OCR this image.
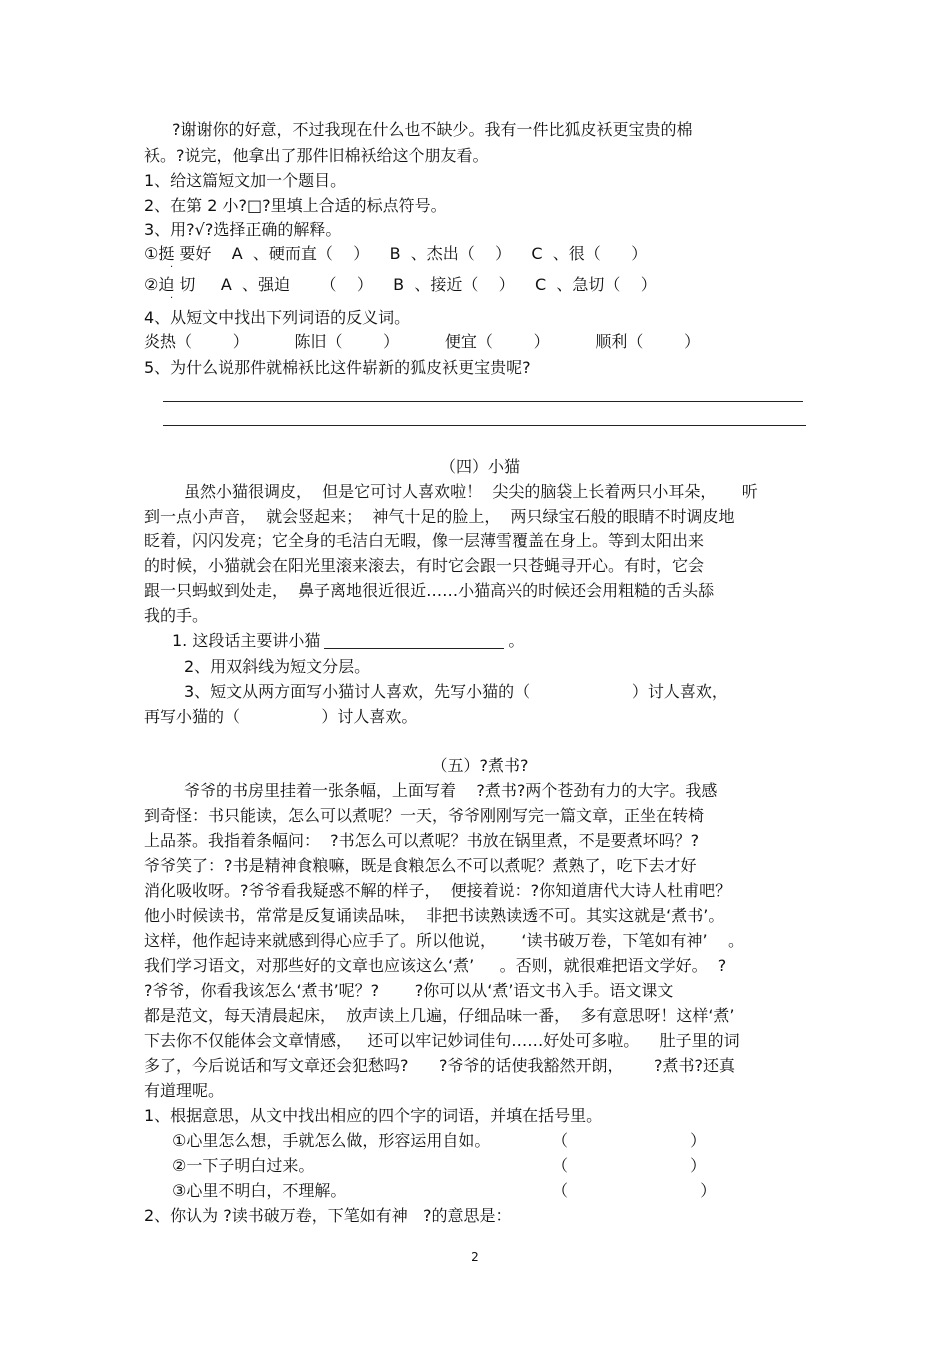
?谢谢你的好意，不过我现在什么也不缺少。我有一件比狐皮袄更宝贵的棉
袄。?说完，他拿出了那件旧棉袄给这个朋友看。
1、给这篇短文加一个题目。
2、在第 2 小?□?里填上合适的标点符号。
3、用?√?选择正确的解释。
①挺 要好    A  、硬而直（    ）    B  、杰出（    ）    C  、很（      ）
·
②迫 切     A  、强迫      （    ）    B  、接近（    ）    C  、急切（    ）
·
4、从短文中找出下列词语的反义词。
炎热（        ）         陈旧（        ）         便宜（        ）         顺利（        ）
5、为什么说那件就棉袄比这件崭新的狐皮袄更宝贵呢?
（四）小猫
虽然小猫很调皮，  但是它可讨人喜欢啦！  尖尖的脑袋上长着两只小耳朵，     听
到一点小声音，  就会竖起来；  神气十足的脸上，  两只绿宝石般的眼睛不时调皮地
眨着，闪闪发亮；它全身的毛洁白无暇，像一层薄雪覆盖在身上。等到太阳出来
的时候，小猫就会在阳光里滚来滚去，有时它会跟一只苍蝇寻开心。有时，它会
跟一只蚂蚁到处走，  鼻子离地很近很近……小猫高兴的时候还会用粗糙的舌头舔
我的手。
1. 这段话主要讲小猫	。
2、用双斜线为短文分层。
3、短文从两方面写小猫讨人喜欢，先写小猫的（                    ）讨人喜欢，
再写小猫的（                ）讨人喜欢。
（五）?煮书?
爷爷的书房里挂着一张条幅，上面写着    ?煮书?两个苍劲有力的大字。我感
到奇怪：书只能读，怎么可以煮呢？一天，爷爷刚刚写完一篇文章，正坐在转椅
上品茶。我指着条幅问：  ?书怎么可以煮呢？书放在锅里煮，不是要煮坏吗？?
爷爷笑了：?书是精神食粮嘛，既是食粮怎么不可以煮呢？煮熟了，吃下去才好
消化吸收呀。?爷爷看我疑惑不解的样子，  便接着说：?你知道唐代大诗人杜甫吧？
他小时候读书，常常是反复诵读品味，  非把书读熟读透不可。其实这就是‘煮书’。
这样，他作起诗来就感到得心应手了。所以他说，     ‘读书破万卷，下笔如有神’    。
我们学习语文，对那些好的文章也应该这么‘煮’     。否则，就很难把语文学好。  ?
?爷爷，你看我该怎么‘煮书’呢？?       ?你可以从‘煮’语文书入手。语文课文
都是范文，每天清晨起床，  放声读上几遍，仔细品味一番，  多有意思呀！这样‘煮’
下去你不仅能体会文章情感，   还可以牢记妙词佳句……好处可多啦。    肚子里的词
多了，今后说话和写文章还会犯愁吗?      ?爷爷的话使我豁然开朗，      ?煮书?还真
有道理呢。
1、根据意思，从文中找出相应的四个字的词语，并填在括号里。
①心里怎么想，手就怎么做，形容运用自如。	（                        ）
②一下子明白过来。	（                        ）
③心里不明白，不理解。	（                          ）
2、你认为 ?读书破万卷，下笔如有神   ?的意思是：
2
